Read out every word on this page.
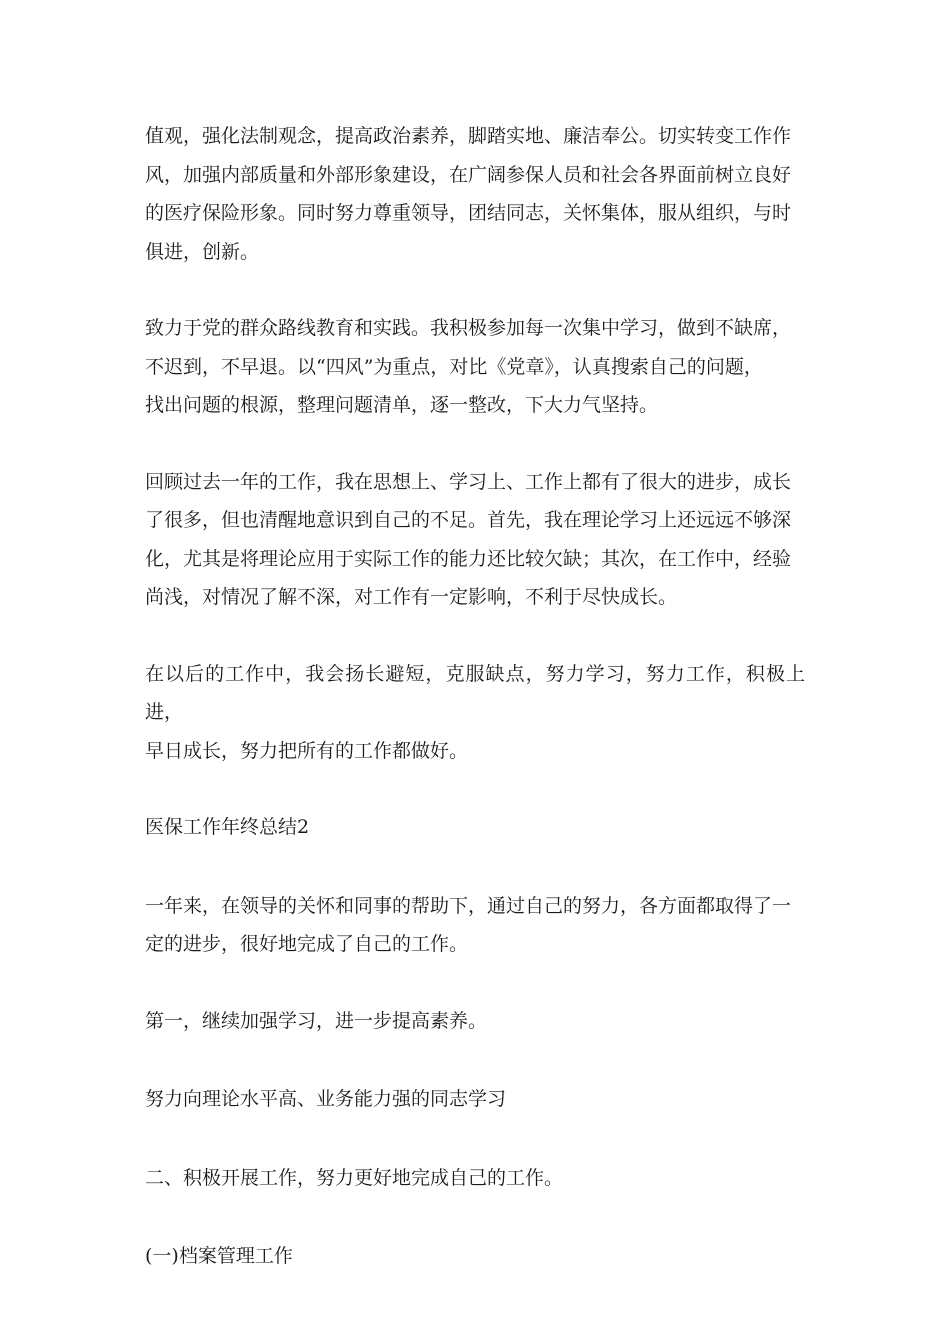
值观，强化法制观念，提高政治素养，脚踏实地、廉洁奉公。切实转变工作作
风，加强内部质量和外部形象建设，在广阔参保人员和社会各界面前树立良好
的医疗保险形象。同时努力尊重领导，团结同志，关怀集体，服从组织，与时
俱进，创新。
致力于党的群众路线教育和实践。我积极参加每一次集中学习，做到不缺席，
不迟到，不早退。以“四风”为重点，对比《党章》，认真搜索自己的问题，
找出问题的根源，整理问题清单，逐一整改，下大力气坚持。
回顾过去一年的工作，我在思想上、学习上、工作上都有了很大的进步，成长
了很多，但也清醒地意识到自己的不足。首先，我在理论学习上还远远不够深
化，尤其是将理论应用于实际工作的能力还比较欠缺；其次，在工作中，经验
尚浅，对情况了解不深，对工作有一定影响，不利于尽快成长。
在以后的工作中，我会扬长避短，克服缺点，努力学习，努力工作，积极上进，
早日成长，努力把所有的工作都做好。
医保工作年终总结2
一年来，在领导的关怀和同事的帮助下，通过自己的努力，各方面都取得了一
定的进步，很好地完成了自己的工作。
第一，继续加强学习，进一步提高素养。
努力向理论水平高、业务能力强的同志学习
二、积极开展工作，努力更好地完成自己的工作。
(一)档案管理工作
